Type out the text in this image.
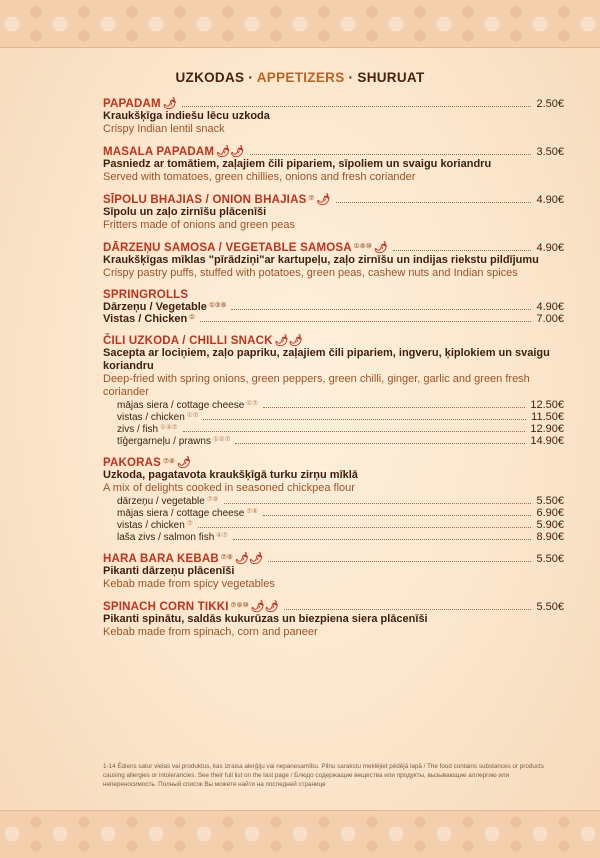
UZKODAS · APPETIZERS · SHURUAT
PAPADAM 🌶	2.50€
Kraukšķīga indiešu lēcu uzkoda
Crispy Indian lentil snack
MASALA PAPADAM 🌶🌶	3.50€
Pasniedz ar tomātiem, zaļajiem čili pipariem, sīpoliem un svaigu koriandru
Served with tomatoes, green chillies, onions and fresh coriander
SĪPOLU BHAJIAS / ONION BHAJIAS ⑦ 🌶	4.90€
Sīpolu un zaļo zirnīšu plācenīši
Fritters made of onions and green peas
DĀRZEŅU SAMOSA / VEGETABLE SAMOSA ①⑧⑩ 🌶	4.90€
Kraukšķīgas mīklas "pīrādziņi"ar kartupeļu, zaļo zirnīšu un indijas riekstu pildījumu
Crispy pastry puffs, stuffed with potatoes, green peas, cashew nuts and Indian spices
SPRINGROLLS
Dārzeņu / Vegetable ①③⑧	4.90€
Vistas / Chicken ①	7.00€
ČILI UZKODA / CHILLI SNACK 🌶🌶
Sacepta ar lociņiem, zaļo papriku, zaļajiem čili pipariem, ingveru, ķiplokiem un svaigu koriandru
Deep-fried with spring onions, green peppers, green chilli, ginger, garlic and green fresh coriander
mājas siera / cottage cheese ①⑦	12.50€
vistas / chicken ①⑦	11.50€
zivs / fish ①④⑦	12.90€
tīģergarneļu / prawns ①②⑦	14.90€
PAKORAS ⑦⑧ 🌶
Uzkoda, pagatavota kraukšķīgā turku zirņu mīklā
A mix of delights cooked in seasoned chickpea flour
dārzeņu / vegetable ⑦⑧	5.50€
mājas siera / cottage cheese ⑦⑧	6.90€
vistas / chicken ⑦	5.90€
laša zivs / salmon fish ④⑦	8.90€
HARA BARA KEBAB ⑦⑧ 🌶🌶	5.50€
Pikanti dārzeņu plācenīši
Kebab made from spicy vegetables
SPINACH CORN TIKKI ⑦⑧⑩ 🌶🌶	5.50€
Pikanti spinātu, saldās kukurūzas un biezpiena siera plācenīši
Kebab made from spinach, corn and paneer
1-14 Ēdiens satur vielas vai produktus, kas izraisa alerģiju vai nepanesamību. Pilnu sarakstu meklējiet pēdējā lapā / The food contains substances or products causing allergies or intolerancies. See their full list on the last page / Блюдо содержащие вещества или продукты, вызывающие аллергию или непереносимость. Полный список Вы можете найти на последней странице
